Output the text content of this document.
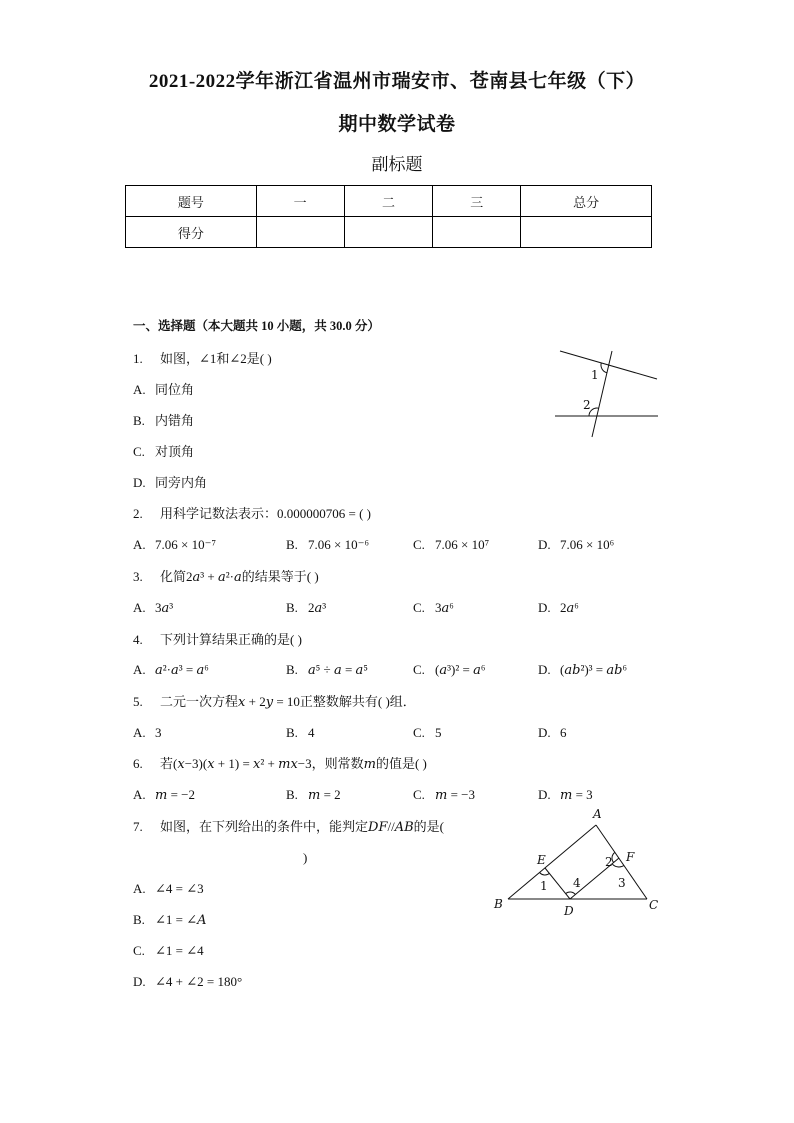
2021-2022学年浙江省温州市瑞安市、苍南县七年级（下）
期中数学试卷
副标题
题号	一	二	三	总分
得分				
一、选择题（本大题共 10 小题，共 30.0 分）
1. 如图，∠1和∠2是( )
A. 同位角
B. 内错角
C. 对顶角
D. 同旁内角
1
2
2. 用科学记数法表示：0.000000706 = ( )
A. 7.06 × 10⁻⁷	B. 7.06 × 10⁻⁶	C. 7.06 × 10⁷	D. 7.06 × 10⁶
3. 化简2a³ + a²·a的结果等于( )
A. 3a³	B. 2a³	C. 3a⁶	D. 2a⁶
4. 下列计算结果正确的是( )
A. a²·a³ = a⁶	B. a⁵ ÷ a = a⁵	C. (a³)² = a⁶	D. (ab²)³ = ab⁶
5. 二元一次方程x + 2y = 10正整数解共有( )组．
A. 3	B. 4	C. 5	D. 6
6. 若(x−3)(x + 1) = x² + mx−3，则常数m的值是( )
A. m = −2	B. m = 2	C. m = −3	D. m = 3
7. 如图，在下列给出的条件中，能判定DF//AB的是(
)
A. ∠4 = ∠3
B. ∠1 = ∠A
C. ∠1 = ∠4
D. ∠4 + ∠2 = 180°
A
B	C
D
E	F
1
2
3
4
